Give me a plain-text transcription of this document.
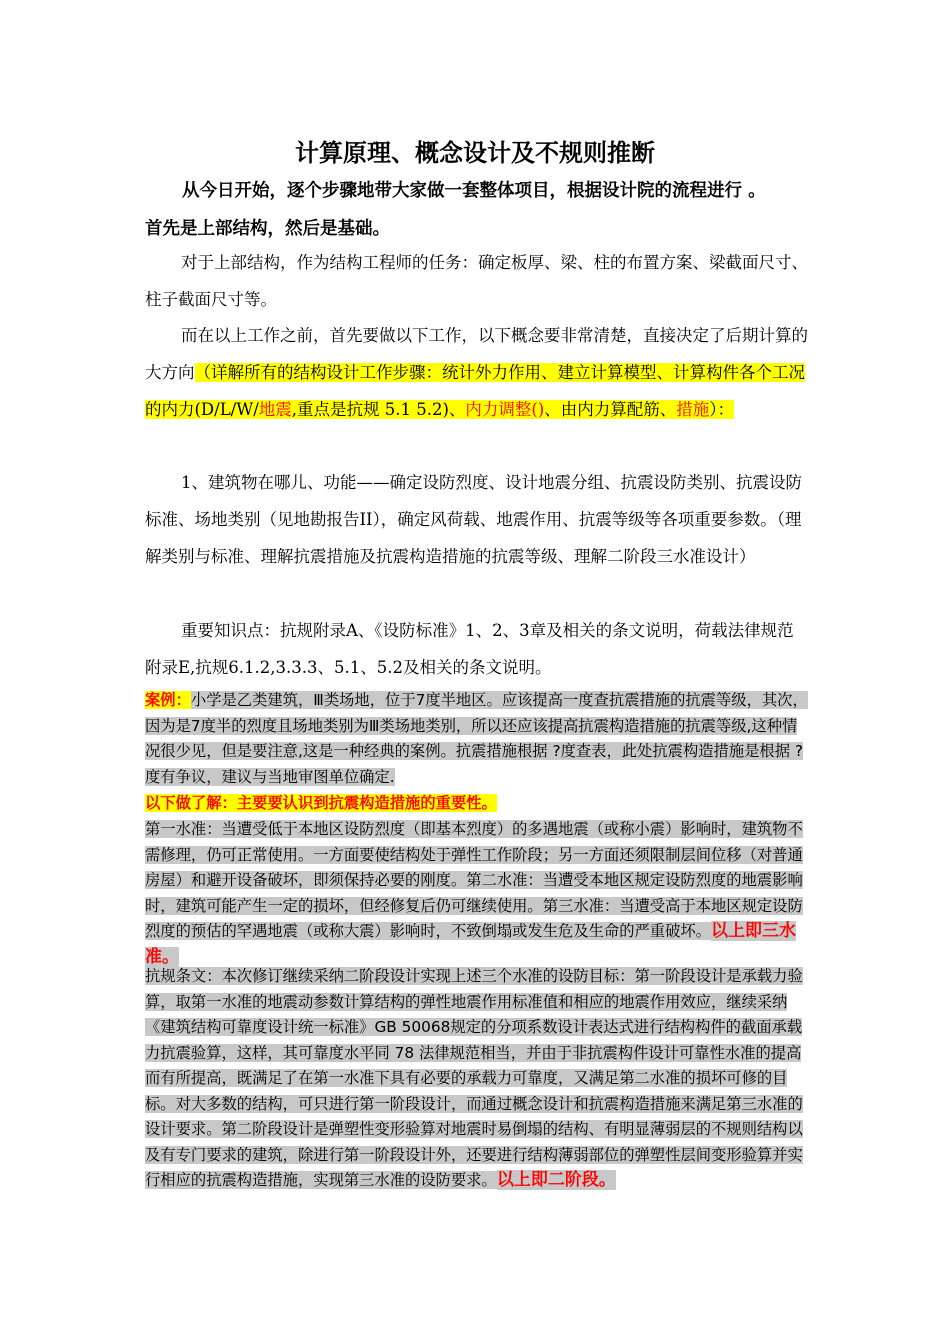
计算原理、概念设计及不规则推断
从今日开始，逐个步骤地带大家做一套整体项目，根据设计院的流程进行 。
首先是上部结构，然后是基础。
对于上部结构，作为结构工程师的任务：确定板厚、梁、柱的布置方案、梁截面尺寸、柱子截面尺寸等。
而在以上工作之前，首先要做以下工作，以下概念要非常清楚，直接决定了后期计算的大方向（详解所有的结构设计工作步骤：统计外力作用、建立计算模型、计算构件各个工况的内力(D/L/W/地震,重点是抗规 5.1 5.2)、内力调整()、由内力算配筋、措施）：
1、建筑物在哪儿、功能——确定设防烈度、设计地震分组、抗震设防类别、抗震设防标准、场地类别（见地勘报告II），确定风荷载、地震作用、抗震等级等各项重要参数。（理解类别与标准、理解抗震措施及抗震构造措施的抗震等级、理解二阶段三水准设计）
重要知识点：抗规附录A、《设防标准》1、2、3章及相关的条文说明，荷载法律规范附录E,抗规6.1.2,3.3.3、5.1、5.2及相关的条文说明。
案例：小学是乙类建筑，Ⅲ类场地，位于7度半地区。应该提高一度查抗震措施的抗震等级，其次，因为是7度半的烈度且场地类别为Ⅲ类场地类别，所以还应该提高抗震构造措施的抗震等级,这种情况很少见，但是要注意,这是一种经典的案例。抗震措施根据 ?度查表，此处抗震构造措施是根据 ? 度有争议，建议与当地审图单位确定.
以下做了解：主要要认识到抗震构造措施的重要性。
第一水准：当遭受低于本地区设防烈度（即基本烈度）的多遇地震（或称小震）影响时，建筑物不需修理，仍可正常使用。一方面要使结构处于弹性工作阶段；另一方面还须限制层间位移（对普通房屋）和避开设备破坏，即须保持必要的刚度。第二水准：当遭受本地区规定设防烈度的地震影响时，建筑可能产生一定的损坏，但经修复后仍可继续使用。第三水准：当遭受高于本地区规定设防烈度的预估的罕遇地震（或称大震）影响时，不致倒塌或发生危及生命的严重破坏。以上即三水准。
抗规条文：本次修订继续采纳二阶段设计实现上述三个水准的设防目标：第一阶段设计是承载力验算，取第一水准的地震动参数计算结构的弹性地震作用标准值和相应的地震作用效应，继续采纳《建筑结构可靠度设计统一标准》GB 50068规定的分项系数设计表达式进行结构构件的截面承载力抗震验算，这样，其可靠度水平同 78 法律规范相当，并由于非抗震构件设计可靠性水准的提高而有所提高，既满足了在第一水准下具有必要的承载力可靠度，又满足第二水准的损坏可修的目标。对大多数的结构，可只进行第一阶段设计，而通过概念设计和抗震构造措施来满足第三水准的设计要求。第二阶段设计是弹塑性变形验算对地震时易倒塌的结构、有明显薄弱层的不规则结构以及有专门要求的建筑，除进行第一阶段设计外，还要进行结构薄弱部位的弹塑性层间变形验算并实行相应的抗震构造措施，实现第三水准的设防要求。以上即二阶段。
